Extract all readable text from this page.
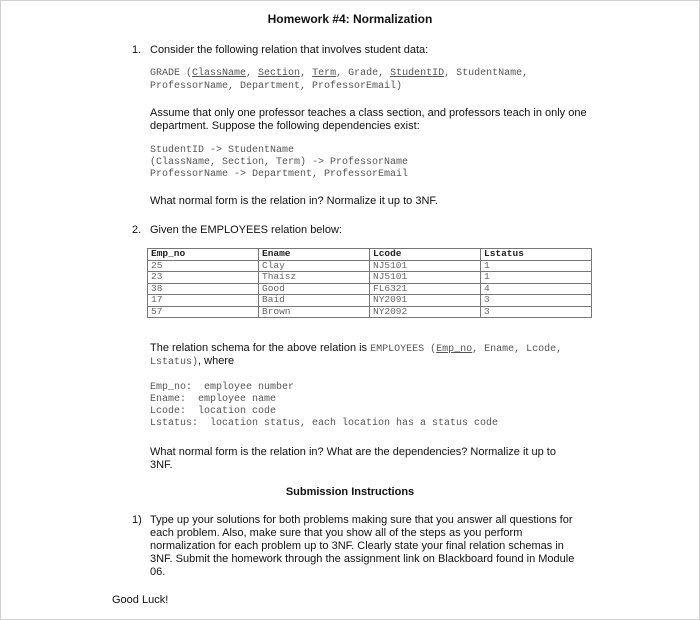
Homework #4: Normalization
1. Consider the following relation that involves student data:
GRADE (ClassName, Section, Term, Grade, StudentID, StudentName,
ProfessorName, Department, ProfessorEmail)
Assume that only one professor teaches a class section, and professors teach in only one
department. Suppose the following dependencies exist:
StudentID -> StudentName
(ClassName, Section, Term) -> ProfessorName
ProfessorName -> Department, ProfessorEmail
What normal form is the relation in? Normalize it up to 3NF.
2. Given the EMPLOYEES relation below:
Emp_no	Ename	Lcode	Lstatus
25	Clay	NJ5101	1
23	Thaisz	NJ5101	1
38	Good	FL6321	4
17	Baid	NY2091	3
57	Brown	NY2092	3
The relation schema for the above relation is EMPLOYEES (Emp_no, Ename, Lcode,
Lstatus), where
Emp_no:  employee number
Ename:  employee name
Lcode:  location code
Lstatus:  location status, each location has a status code
What normal form is the relation in? What are the dependencies? Normalize it up to
3NF.
Submission Instructions
1) Type up your solutions for both problems making sure that you answer all questions for
each problem. Also, make sure that you show all of the steps as you perform
normalization for each problem up to 3NF. Clearly state your final relation schemas in
3NF. Submit the homework through the assignment link on Blackboard found in Module
06.
Good Luck!
